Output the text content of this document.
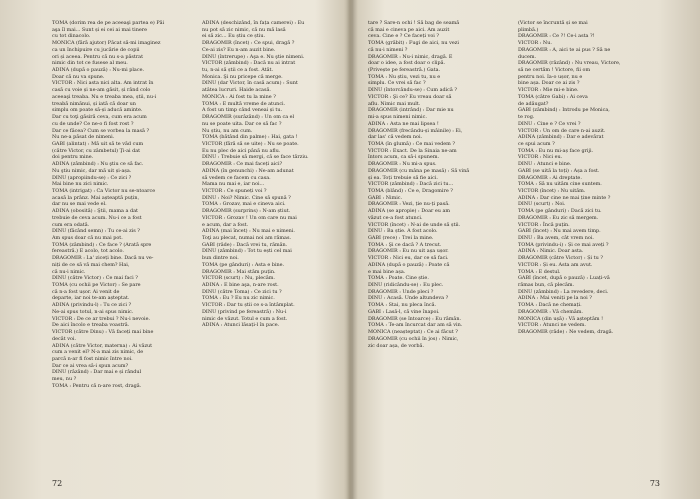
TOMA (dorim rea de pe aceeaşi partea e) Păi
aşa îl mai... Sunt și ei cei ai mai tinere
cu tot dinacolo.
MONICA (fără ajutor) Păcat să-mi imaginez
ca un închipuire cu jucărie de copii
ori și aceea. Pentru că nu s-a păstrat
nimic din tot ce fusese al meu.
ADINA (după o pauză) : Nu-mi place.
Doar că nu va spune.
VICTOR : Nici asta nici alta. Am intrat în
casă cu voie și ne-am găsit, și rând colo
aceeaşi treaba. Nu e treaba mea, știi, nu-i
treabă nimănui, și iată că doar un
simplu om poate să-și aducă aminte.
Dar cu toţi găsiră ceva, cum era acum
cu de unde? Ce ne-o fi fost rost ?
Dar ce făcea? Cum se vorbea la masă ?
Nu ne-a păsat de nimeni.
GABI (alintat) : Mă uit să te văd cum
(către Victor, cu zâmbetul) Ţi-ai dat
doi pentru mine.
ADINA (zâmbind) : Nu ştiu ce să fac.
Nu ştiu nimic, dar mă uit și-așa.
DINU (apropiindu-se) : Ce zici ?
Mai bine nu zici nimic.
TOMA (intrigat) : Ca Victor nu se-ntoarce
acasă la prânz. Mai așteaptă puțin,
dar nu se mai vede el.
ADINA (obosită) : Ştii, mama a dat
trebuie de ceva acum. Nu-i ce a fost
cum era odată.
DINU (făcând semn) : Tu ce-ai zis ?
Am spus doar că nu mai pot.
TOMA (zâmbind) : Ce face ? (Arată spre
fereastră.) E acolo, tot acolo.
DRAGOMIR : La' ziceți bine. Dacă nu ve-
niți de ce să vă mai chem? Hai,
că nu-i nimic.
DINU (către Victor) : Ce mai faci ?
TOMA (cu ochii pe Victor) : Se pare
că n-a fost ușor. Ai venit de
departe, iar noi te-am așteptat.
ADINA (privindu-l) : Tu ce zici ?
Ne-ai spus totul, n-ai spus nimic.
VICTOR : De ce ar trebui ? Nu-i nevoie.
De aici încolo e treaba voastră.
VICTOR (către Dinu) : Vă faceți mai bine
decât voi.
ADINA (către Victor, materna) : Ai văzut
cum a venit el? N-a mai zis nimic, de
parcă n-ar fi fost nimic între noi.
Dar ce ai vrea să-i spun acum?
DINU (râzând) : Dar mai e și rândul
meu, nu ?
TOMA : Pentru că n-are rost, dragă.

ADINA (deschizând, în fața camerei) : Eu
nu pot să zic nimic, că nu mă lasă
ei să zic... Eu știu ce știu.
DRAGOMIR (încet) : Ce spui, dragă ?
Ce-ai zis? Eu n-am auzit bine.
DINU (întrerupe) : Aşa e. Nu ştie nimeni.
VICTOR (zâmbind) : Dacă nu ai intrat
tu, n-ai să știi ce a fost. Atât.
Monica. Şi nu pricepe că merge.
DINU (dar Victor, în casă acum) : Sunt
atâtea lucruri. Haide acasă.
MONICA : Ai fost tu la mine ?
TOMA : E multă vreme de atunci.
A fost un timp când veneai și tu.
DRAGOMIR (surâzând) : Un om ca el
nu se poate uita. Dar ce să fac ?
Nu știu, nu am cum.
TOMA (bătând din palme) : Hai, gata !
VICTOR (fără să se uite) : Nu se poate.
Eu nu plec de aici până nu aflu.
DINU : Trebuie să mergi, că se face târziu.
DRAGOMIR : Ce mai faceți aici?
ADINA (în genunchi) : Ne-am adunat
să vedem ce facem cu casa.
Mama nu mai e, iar noi...
VICTOR : Ce spuneți voi ?
DINU : Noi? Nimic. Cine să spună ?
TOMA : Grozav, mai e cineva aici.
DRAGOMIR (surprins) : N-am știut.
VICTOR : Grozav ! Un om care nu mai
e acum, dar a fost.
ADINA (mai încet) : Nu mai e nimeni.
Toţi au plecat, numai noi am rămas.
GABI (râde) : Dacă vrei tu, rămân.
DINU (zâmbind) : Tot tu ești cel mai
bun dintre noi.
TOMA (pe gânduri) : Asta e bine.
DRAGOMIR : Mai stăm puțin.
VICTOR (scurt) : Nu, plecăm.
ADINA : E bine aşa, n-are rost.
DINU (către Toma) : Ce zici tu ?
TOMA : Eu ? Eu nu zic nimic.
VICTOR : Dar tu știi ce s-a întâmplat.
DINU (privind pe fereastră) : Nu-i
nimic de văzut. Totul e cum a fost.
ADINA : Atunci lăsați-l în pace.

72

tare ? Sare-n ochi ! Să bag de seamă
că mai e cineva pe aici. Am auzit
ceva. Cine e ? Ce faceți voi ?
TOMA (grăbit) : Fugi de aici, nu vezi
că nu-i nimeni ?
DRAGOMIR : Nu-i nimic, dragă. E
doar o idee, a fost doar o clipă.
(Privește pe fereastră.) Gata.
TOMA : Nu știu, vezi tu, nu e
simplu. Ce vrei să fac ?
DINU (întorcându-se) : Cum adică ?
VICTOR : Şi ce? Eu vreau doar să
aflu. Nimic mai mult.
DRAGOMIR (intrând) : Dar mie nu
mi-a spus nimeni nimic.
ADINA : Asta ne mai lipsea !
DRAGOMIR (frecându-și mâinile) : Ei,
dar las' că vedem noi.
TOMA (în glumă) : Ce mai vedem ?
VICTOR : Exact. De la Sinaia ne-am
întors acum, ca să-i spunem.
DRAGOMIR : Nu mi-a spus.
DRAGOMIR (cu mâna pe masă) : Să vină
și ea. Toți trebuie să fie aici.
VICTOR (zâmbind) : Dacă zici tu...
TOMA (blând) : Ce e, Dragomire ?
GABI : Nimic.
DRAGOMIR : Vezi, ție nu-ți pasă.
ADINA (se apropie) : Doar eu am
văzut ce-a fost atunci.
VICTOR (încet) : N-ai de unde să știi.
DINU : Ba știe. A fost acolo.
GABI (rece) : Trei la mine.
TOMA : Şi ce dacă ? A trecut.
DRAGOMIR : Eu nu uit așa ușor.
VICTOR : Nici eu, dar ce să faci.
ADINA (după o pauză) : Poate că
e mai bine așa.
TOMA : Poate. Cine știe.
DINU (ridicându-se) : Eu plec.
DRAGOMIR : Unde pleci ?
DINU : Acasă. Unde altundeva ?
TOMA : Stai, nu pleca încă.
GABI : Lasă-l, că vine înapoi.
DRAGOMIR (se întoarce) : Eu rămân.
TOMA : Te-am încurcat dar am să vin.
MONICA (neașteptat) : Ce ai făcut ?
DRAGOMIR (cu ochii în jos) : Nimic,
zic doar așa, de vorbă.

(Victor se încruntă și se mai
plimbă.)
DRAGOMIR : Ce ?! Ce-i asta ?!
VICTOR : Nu.
DRAGOMIR : A, aici te ai pus ? Să ne
ducem.
DRAGOMIR (râzând) : Nu vreau, Victore,
să ne certăm ! Victore, fii om
pentru noi. Ia-o ușor, nu e
bine așa. Doar ce ai zis ?
VICTOR : Mie mi-e bine.
TOMA (către Gabi) : Ai ceva
de adăugat?
GABI (zâmbind) : Introdu pe Monica,
te rog.
DINU : Cine e ? Ce vrei ?
VICTOR : Un om de care n-ai auzit.
ADINA (zâmbind) : Dar e adevărat
ce spui acum ?
TOMA : Eu nu mi-aș face griji.
VICTOR : Nici eu.
DINU : Atunci e bine.
GABI (se uită la toți) : Așa a fost.
DRAGOMIR : Ai dreptate.
TOMA : Să nu uităm cine suntem.
VICTOR (încet) : Nu uităm.
ADINA : Dar cine ne mai ține minte ?
DINU (scurt) : Noi.
TOMA (pe gânduri) : Dacă zici tu.
DRAGOMIR : Eu zic să mergem.
VICTOR : Încă puțin.
GABI (încet) : Nu mai avem timp.
DINU : Ba avem, cât vrem noi.
TOMA (privindu-i) : Și ce mai aveți ?
ADINA : Nimic. Doar asta.
DRAGOMIR (către Victor) : Și tu ?
VICTOR : Și eu. Asta am avut.
TOMA : E destul.
GABI (încet, după o pauză) : Luați-vă
rămas bun, că plecăm.
DINU (zâmbind) : La revedere, deci.
ADINA : Mai veniți pe la noi ?
TOMA : Dacă ne chemați.
DRAGOMIR : Vă chemăm.
MONICA (din ușă) : Vă așteptăm !
VICTOR : Atunci ne vedem.
DRAGOMIR (râde) : Ne vedem, dragă.

73
